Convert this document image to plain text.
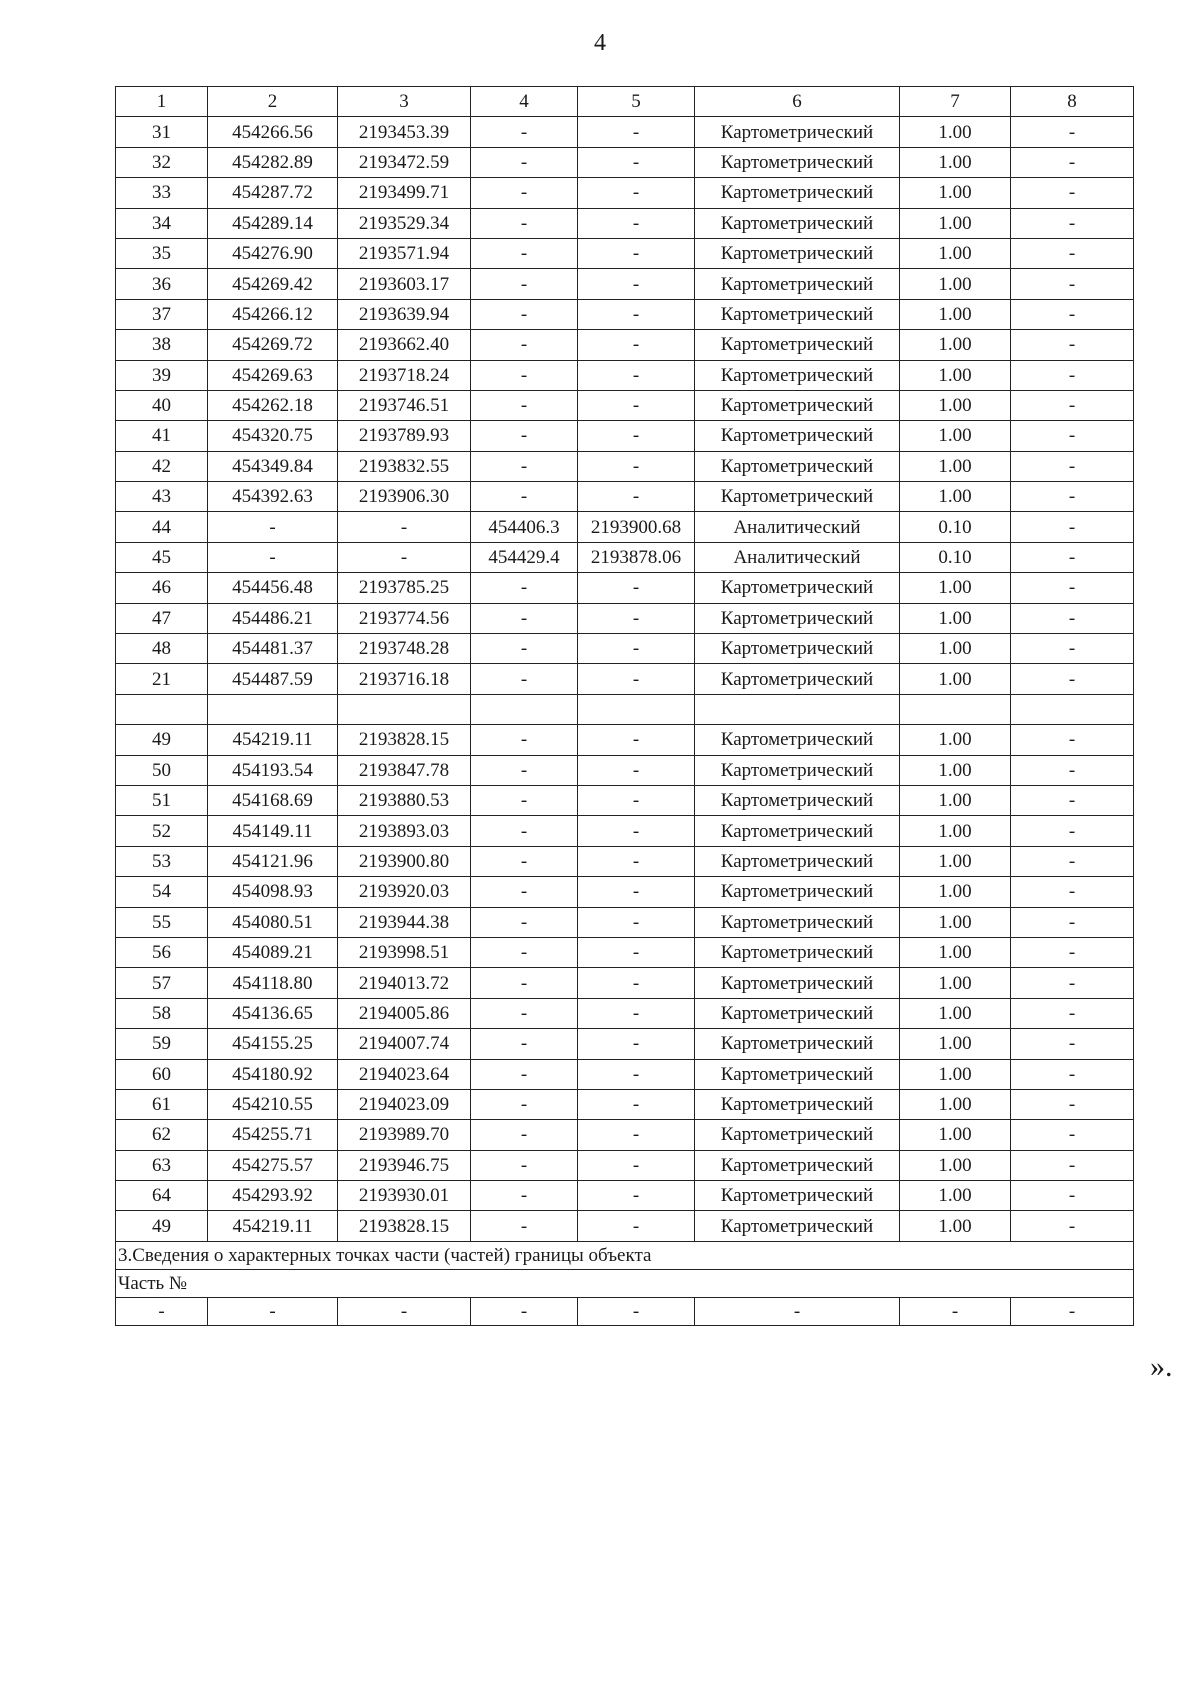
4
1	2	3	4	5	6	7	8
31	454266.56	2193453.39	-	-	Картометрический	1.00	-
32	454282.89	2193472.59	-	-	Картометрический	1.00	-
33	454287.72	2193499.71	-	-	Картометрический	1.00	-
34	454289.14	2193529.34	-	-	Картометрический	1.00	-
35	454276.90	2193571.94	-	-	Картометрический	1.00	-
36	454269.42	2193603.17	-	-	Картометрический	1.00	-
37	454266.12	2193639.94	-	-	Картометрический	1.00	-
38	454269.72	2193662.40	-	-	Картометрический	1.00	-
39	454269.63	2193718.24	-	-	Картометрический	1.00	-
40	454262.18	2193746.51	-	-	Картометрический	1.00	-
41	454320.75	2193789.93	-	-	Картометрический	1.00	-
42	454349.84	2193832.55	-	-	Картометрический	1.00	-
43	454392.63	2193906.30	-	-	Картометрический	1.00	-
44	-	-	454406.3	2193900.68	Аналитический	0.10	-
45	-	-	454429.4	2193878.06	Аналитический	0.10	-
46	454456.48	2193785.25	-	-	Картометрический	1.00	-
47	454486.21	2193774.56	-	-	Картометрический	1.00	-
48	454481.37	2193748.28	-	-	Картометрический	1.00	-
21	454487.59	2193716.18	-	-	Картометрический	1.00	-

49	454219.11	2193828.15	-	-	Картометрический	1.00	-
50	454193.54	2193847.78	-	-	Картометрический	1.00	-
51	454168.69	2193880.53	-	-	Картометрический	1.00	-
52	454149.11	2193893.03	-	-	Картометрический	1.00	-
53	454121.96	2193900.80	-	-	Картометрический	1.00	-
54	454098.93	2193920.03	-	-	Картометрический	1.00	-
55	454080.51	2193944.38	-	-	Картометрический	1.00	-
56	454089.21	2193998.51	-	-	Картометрический	1.00	-
57	454118.80	2194013.72	-	-	Картометрический	1.00	-
58	454136.65	2194005.86	-	-	Картометрический	1.00	-
59	454155.25	2194007.74	-	-	Картометрический	1.00	-
60	454180.92	2194023.64	-	-	Картометрический	1.00	-
61	454210.55	2194023.09	-	-	Картометрический	1.00	-
62	454255.71	2193989.70	-	-	Картометрический	1.00	-
63	454275.57	2193946.75	-	-	Картометрический	1.00	-
64	454293.92	2193930.01	-	-	Картометрический	1.00	-
49	454219.11	2193828.15	-	-	Картометрический	1.00	-
3.Сведения о характерных точках части (частей) границы объекта							
Часть №							
-	-	-	-	-	-	-	-
».
